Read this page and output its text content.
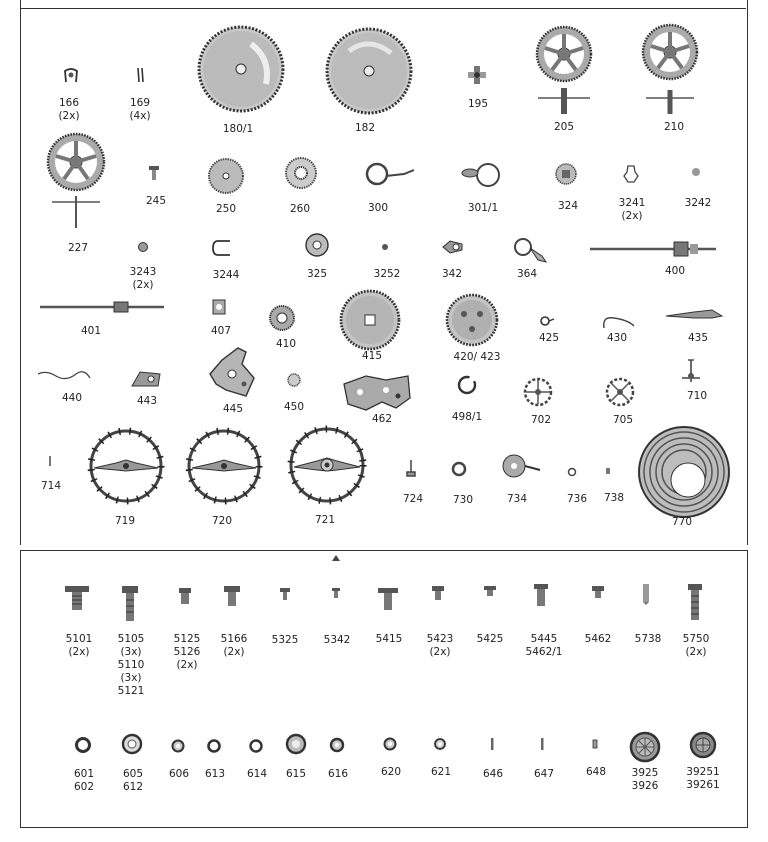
166
(2x)
169
(4x)
180/1	182
195
205	210
227
245
250	260	300	301/1	324	3241
(2x)
3242
3243
(2x)
3244	325	3252	342	364	400
401	407
410
415	420/ 423
425	430	435
440	443
445	450
462	498/1	702	705
710
714
719	720	721
724	730	734	736 738
770
5101
(2x)
5105
(3x)
5110
(3x)
5121
5125
5126
(2x)
5166
(2x)
5325 5342 5415 5423
(2x)
5425	5445
5462/1
5462 5738 5750
(2x)
601
602
605
612
606 613 614 615 616	620	621	646	647	648 3925
3926
39251
39261
